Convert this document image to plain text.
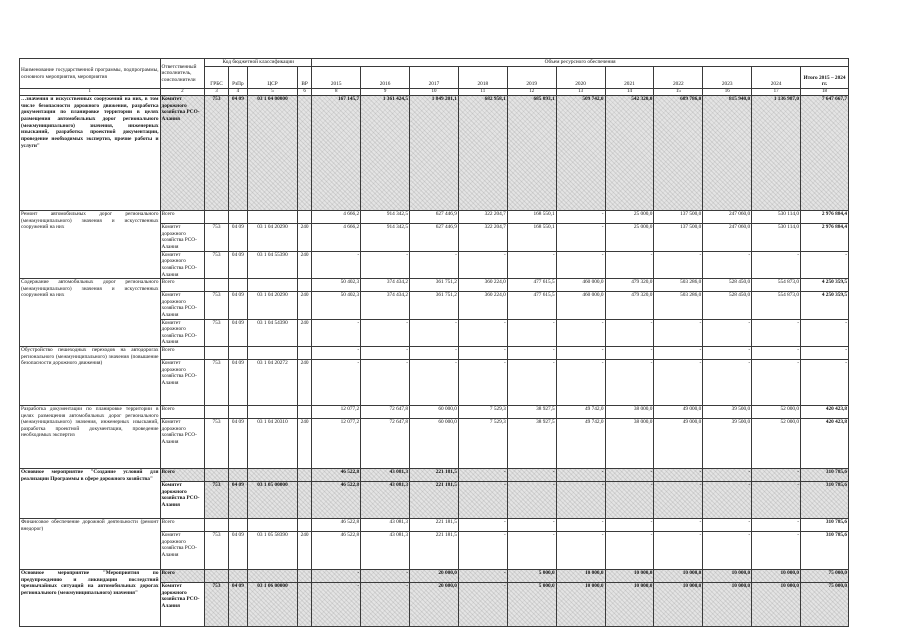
Наименование государственной программы, подпрограммы, основного мероприятия, мероприятия	Ответственный исполнитель, соисполнители	Код бюджетной классификации				Объем ресурсного обеспечения										
		ГРБС	РзПр	ЦСР	ВР	2015	2016	2017	2018	2019	2020	2021	2022	2023	2024	Итого 2015 – 2024 гг.
1	2	3	4	5	6	8	9	10	11	12	13	14	15	16	17	18
…значения и искусственных сооружений на них, в том числе безопасности дорожного движения, разработка документации по планировке территории в целях размещения автомобильных дорог регионального (межмуниципального) значения, инженерных изысканий, разработка проектной документации, проведение необходимых экспертиз, прочие работы и услуги"	Комитет дорожного хозяйства РСО-Алания	753	04 09	03 1 04 00000		167 145,7	1 361 424,5	1 849 201,1	682 958,1	685 093,1	509 742,0	542 320,0	689 786,0	815 940,0	1 136 987,0	7 647 667,7
Ремонт автомобильных дорог регионального (межмуниципального) значения и искусственных сооружений на них	Всего					4 666,2	914 342,5	627 446,9	322 204,7	168 550,1	-	25 000,0	137 500,0	247 060,0	530 114,0	2 976 884,4
	Комитет дорожного хозяйства РСО-Алания	753	04 09	03 1 04 20290	240	4 666,2	914 342,5	627 446,9	322 204,7	168 550,1	-	25 000,0	137 500,0	247 060,0	530 114,0	2 976 884,4
	Комитет дорожного хозяйства РСО-Алания	753	04 09	03 1 04 55390	240	-	-	-	-	-	-	-	-	-	-	-
Содержание автомобильных дорог регионального (межмуниципального) значения и искусственных сооружений на них	Всего					50 402,3	374 434,2	361 751,2	360 224,0	477 615,5	460 000,0	479 320,0	503 286,0	528 450,0	554 873,0	4 250 359,5
	Комитет дорожного хозяйства РСО-Алания	753	04 09	03 1 04 20290	240	50 402,3	374 434,2	361 751,2	360 224,0	477 615,5	460 000,0	479 320,0	503 286,0	528 450,0	554 873,0	4 250 359,5
	Комитет дорожного хозяйства РСО-Алания	753	04 09	03 1 04 54390	240	-	-	-	-	-	-	-	-	-	-	-
Обустройство пешеходных переходов на автодорогах регионального (межмуниципального) значения (повышение безопасности дорожного движения)	Всего					-	-	-	-	-	-	-	-	-	-	-
	Комитет дорожного хозяйства РСО-Алания	753	04 09	03 1 04 20272	240	-	-	-	-	-	-	-	-	-	-	-
Разработка документации по планировке территории в целях размещения автомобильных дорог регионального (межмуниципального) значения, инженерных изысканий, разработка проектной документации, проведение необходимых экспертиз	Всего					12 077,2	72 647,8	60 000,0	7 529,3	38 927,5	49 742,0	38 000,0	49 000,0	39 500,0	52 000,0	420 423,8
	Комитет дорожного хозяйства РСО-Алания	753	04 09	03 1 04 20310	240	12 077,2	72 647,8	60 000,0	7 529,3	38 927,5	49 742,0	38 000,0	49 000,0	39 500,0	52 000,0	420 423,8
Основное мероприятие "Создание условий для реализации Программы в сфере дорожного хозяйства"	Всего					46 522,8	43 081,3	221 181,5	-	-	-	-	-	-	-	310 785,6
	Комитет дорожного хозяйства РСО-Алания	753	04 09	03 1 05 00000		46 522,8	43 081,3	221 181,5	-	-	-	-	-	-	-	310 785,6
Финансовое обеспечение дорожной деятельности (ремонт внедорог)	Всего					46 522,8	43 081,3	221 181,5	-	-	-	-	-	-	-	310 785,6
	Комитет дорожного хозяйства РСО-Алания	753	04 09	03 1 05 58390	240	46 522,8	43 081,3	221 181,5	-	-	-	-	-	-	-	310 785,6
Основное мероприятие "Мероприятия по предупреждению и ликвидации последствий чрезвычайных ситуаций на автомобильных дорогах регионального (межмуниципального) значения"	Всего					-	-	20 000,0	-	5 000,0	10 000,0	10 000,0	10 000,0	10 000,0	10 000,0	75 000,0
	Комитет дорожного хозяйства РСО-Алания	753	04 09	03 1 06 00000		-	-	20 000,0	-	5 000,0	10 000,0	10 000,0	10 000,0	10 000,0	10 000,0	75 000,0
